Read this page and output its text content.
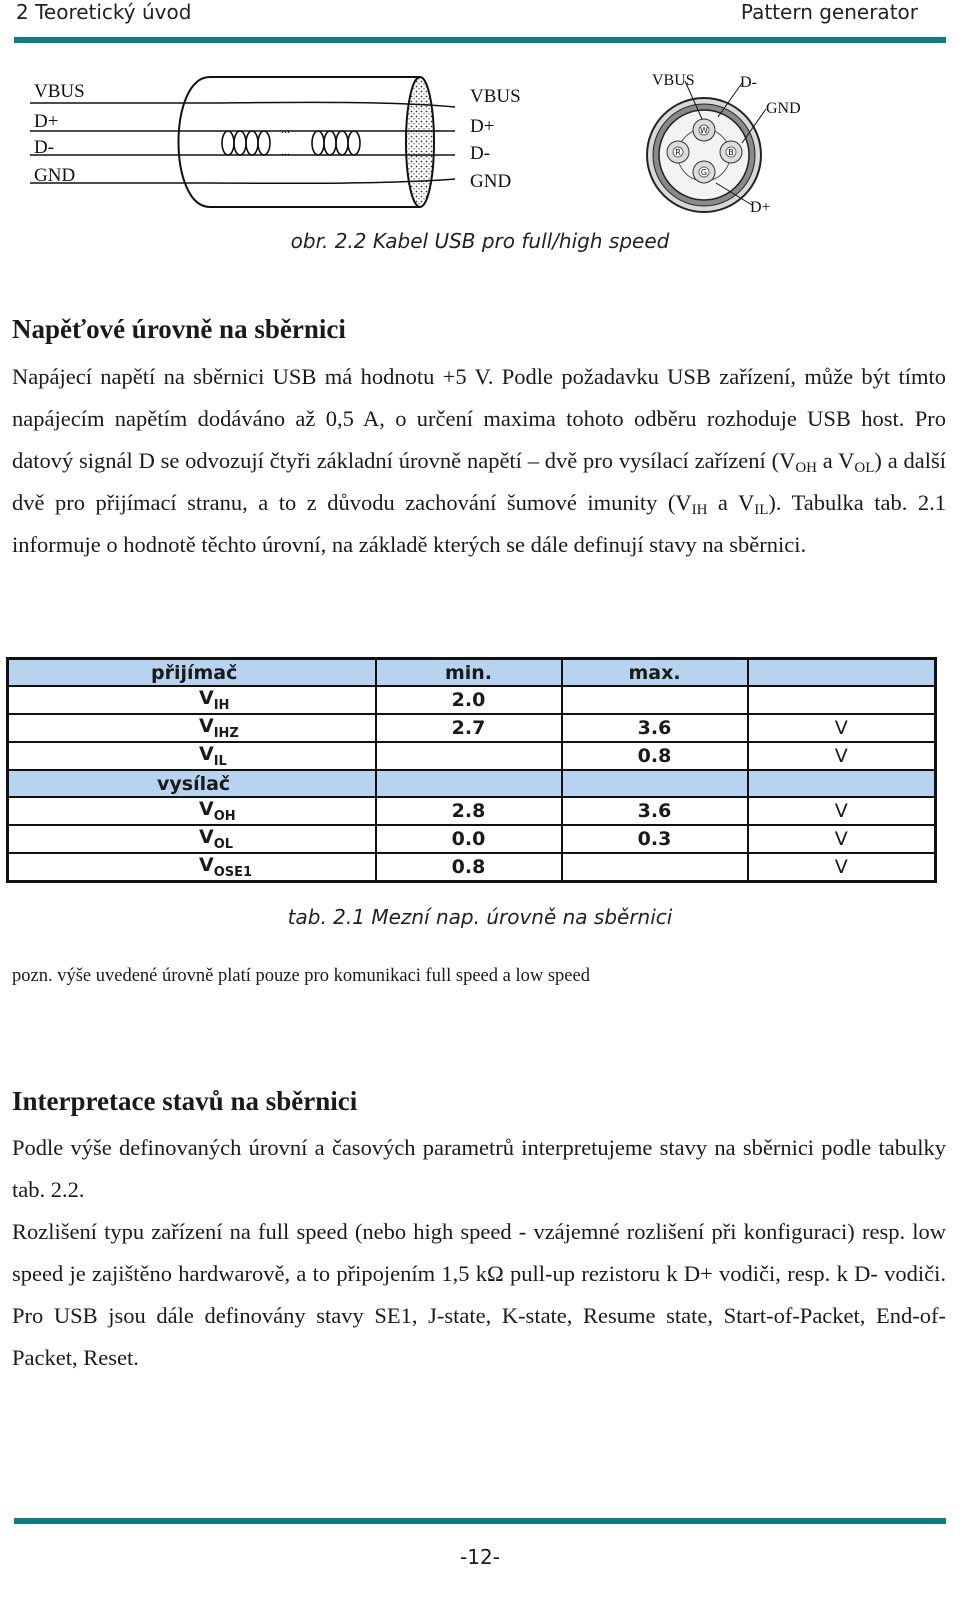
2 Teoretický úvod	Pattern generator
VBUS
D+
D-
GND
VBUS
D+
D-
GND
...
...
W
R	B
G
VBUS	D-
GND
D+
obr. 2.2 Kabel USB pro full/high speed
Napěťové úrovně na sběrnici

Napájecí napětí na sběrnici USB má hodnotu +5 V. Podle požadavku USB zařízení, může být tímto napájecím napětím dodáváno až 0,5 A, o určení maxima tohoto odběru rozhoduje USB host. Pro datový signál D se odvozují čtyři základní úrovně napětí – dvě pro vysílací zařízení ($V_{OH}$ a $V_{OL}$) a další dvě pro přijímací stranu, a to z důvodu zachování šumové imunity ($V_{IH}$ a $V_{IL}$). Tabulka tab. 2.1 informuje o hodnotě těchto úrovní, na základě kterých se dále definují stavy na sběrnici.

přijímač	min.	max.	
$V_{IH}$	2.0		
$V_{IHZ}$	2.7	3.6	V
$V_{IL}$		0.8	V
vysílač			
$V_{OH}$	2.8	3.6	V
$V_{OL}$	0.0	0.3	V
$V_{OSE1}$	0.8		V
tab. 2.1 Mezní nap. úrovně na sběrnici
pozn. výše uvedené úrovně platí pouze pro komunikaci full speed a low speed
Interpretace stavů na sběrnici

Podle výše definovaných úrovní a časových parametrů interpretujeme stavy na sběrnici podle tabulky tab. 2.2.

Rozlišení typu zařízení na full speed (nebo high speed - vzájemné rozlišení při konfiguraci) resp. low speed je zajištěno hardwarově, a to připojením 1,5 kΩ pull-up rezistoru k D+ vodiči, resp. k D- vodiči. Pro USB jsou dále definovány stavy SE1, J-state, K-state, Resume state, Start-of-Packet, End-of-Packet, Reset.

-12-
